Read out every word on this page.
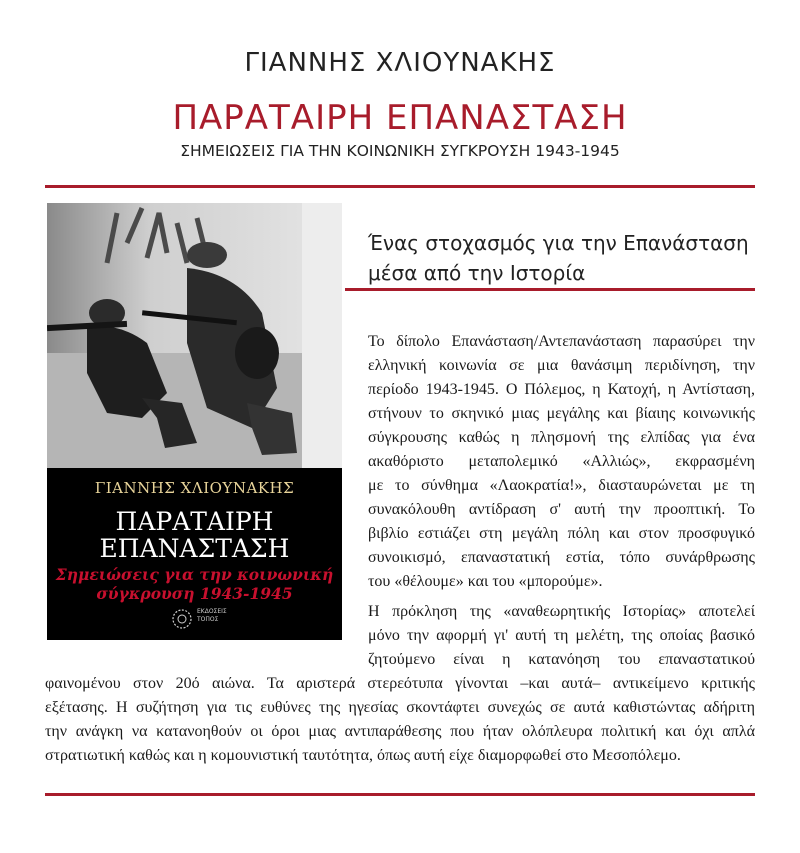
ΓΙΑΝΝΗΣ ΧΛΙΟΥΝΑΚΗΣ
ΠΑΡΑΤΑΙΡΗ ΕΠΑΝΑΣΤΑΣΗ
ΣΗΜΕΙΩΣΕΙΣ ΓΙΑ ΤΗΝ ΚΟΙΝΩΝΙΚΗ ΣΥΓΚΡΟΥΣΗ 1943-1945
ΓΙΑΝΝΗΣ ΧΛΙΟΥΝΑΚΗΣ
ΠΑΡΑΤΑΙΡΗ
ΕΠΑΝΑΣΤΑΣΗ
Σημειώσεις για την κοινωνική
σύγκρουση 1943-1945
ΕΚΔΟΣΕΙΣ
ΤΟΠΟΣ
Ένας στοχασμός για την Επανάσταση
μέσα από την Ιστορία
Το δίπολο Επανάσταση/Αντεπανάσταση παρασύρει την
ελληνική κοινωνία σε μια θανάσιμη περιδίνηση, την
περίοδο 1943-1945. Ο Πόλεμος, η Κατοχή, η Αντίσταση,
στήνουν το σκηνικό μιας μεγάλης και βίαιης κοινωνικής
σύγκρουσης καθώς η πλησμονή της ελπίδας για ένα
ακαθόριστο μεταπολεμικό «Αλλιώς», εκφρασμένη
με το σύνθημα «Λαοκρατία!», διασταυρώνεται με τη
συνακόλουθη αντίδραση σ' αυτή την προοπτική. Το
βιβλίο εστιάζει στη μεγάλη πόλη και στον προσφυγικό
συνοικισμό, επαναστατική εστία, τόπο συνάρθρωσης
του «θέλουμε» και του «μπορούμε».
Η πρόκληση της «αναθεωρητικής Ιστορίας» αποτελεί
μόνο την αφορμή γι' αυτή τη μελέτη, της οποίας βασικό
ζητούμενο είναι η κατανόηση του επαναστατικού
φαινομένου στον 20ό αιώνα. Τα αριστερά στερεότυπα γίνονται –και αυτά– αντικείμενο κριτικής
εξέτασης. Η συζήτηση για τις ευθύνες της ηγεσίας σκοντάφτει συνεχώς σε αυτά καθιστώντας αδήριτη
την ανάγκη να κατανοηθούν οι όροι μιας αντιπαράθεσης που ήταν ολόπλευρα πολιτική και όχι απλά
στρατιωτική καθώς και η κομουνιστική ταυτότητα, όπως αυτή είχε διαμορφωθεί στο Μεσοπόλεμο.
